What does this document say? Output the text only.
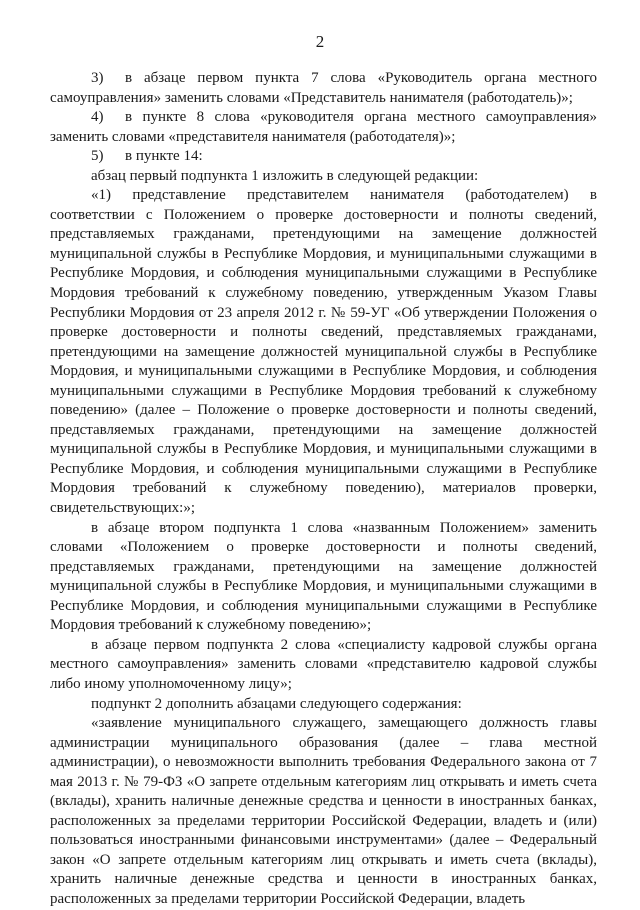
2

3) в абзаце первом пункта 7 слова «Руководитель органа местного самоуправления» заменить словами «Представитель нанимателя (работодатель)»;

4) в пункте 8 слова «руководителя органа местного самоуправления» заменить словами «представителя нанимателя (работодателя)»;

5) в пункте 14:

абзац первый подпункта 1 изложить в следующей редакции:

«1) представление представителем нанимателя (работодателем) в соответствии с Положением о проверке достоверности и полноты сведений, представляемых гражданами, претендующими на замещение должностей муниципальной службы в Республике Мордовия, и муниципальными служащими в Республике Мордовия, и соблюдения муниципальными служащими в Республике Мордовия требований к служебному поведению, утвержденным Указом Главы Республики Мордовия от 23 апреля 2012 г. № 59-УГ «Об утверждении Положения о проверке достоверности и полноты сведений, представляемых гражданами, претендующими на замещение должностей муниципальной службы в Республике Мордовия, и муниципальными служащими в Республике Мордовия, и соблюдения муниципальными служащими в Республике Мордовия требований к служебному поведению» (далее – Положение о проверке достоверности и полноты сведений, представляемых гражданами, претендующими на замещение должностей муниципальной службы в Республике Мордовия, и муниципальными служащими в Республике Мордовия, и соблюдения муниципальными служащими в Республике Мордовия требований к служебному поведению), материалов проверки, свидетельствующих:»;

в абзаце втором подпункта 1 слова «названным Положением» заменить словами «Положением о проверке достоверности и полноты сведений, представляемых гражданами, претендующими на замещение должностей муниципальной службы в Республике Мордовия, и муниципальными служащими в Республике Мордовия, и соблюдения муниципальными служащими в Республике Мордовия требований к служебному поведению»;

в абзаце первом подпункта 2 слова «специалисту кадровой службы органа местного самоуправления» заменить словами «представителю кадровой службы либо иному уполномоченному лицу»;

подпункт 2 дополнить абзацами следующего содержания:

«заявление муниципального служащего, замещающего должность главы администрации муниципального образования (далее – глава местной администрации), о невозможности выполнить требования Федерального закона от 7 мая 2013 г. № 79-ФЗ «О запрете отдельным категориям лиц открывать и иметь счета (вклады), хранить наличные денежные средства и ценности в иностранных банках, расположенных за пределами территории Российской Федерации, владеть и (или) пользоваться иностранными финансовыми инструментами» (далее – Федеральный закон «О запрете отдельным категориям лиц открывать и иметь счета (вклады), хранить наличные денежные средства и ценности в иностранных банках, расположенных за пределами территории Российской Федерации, владеть
